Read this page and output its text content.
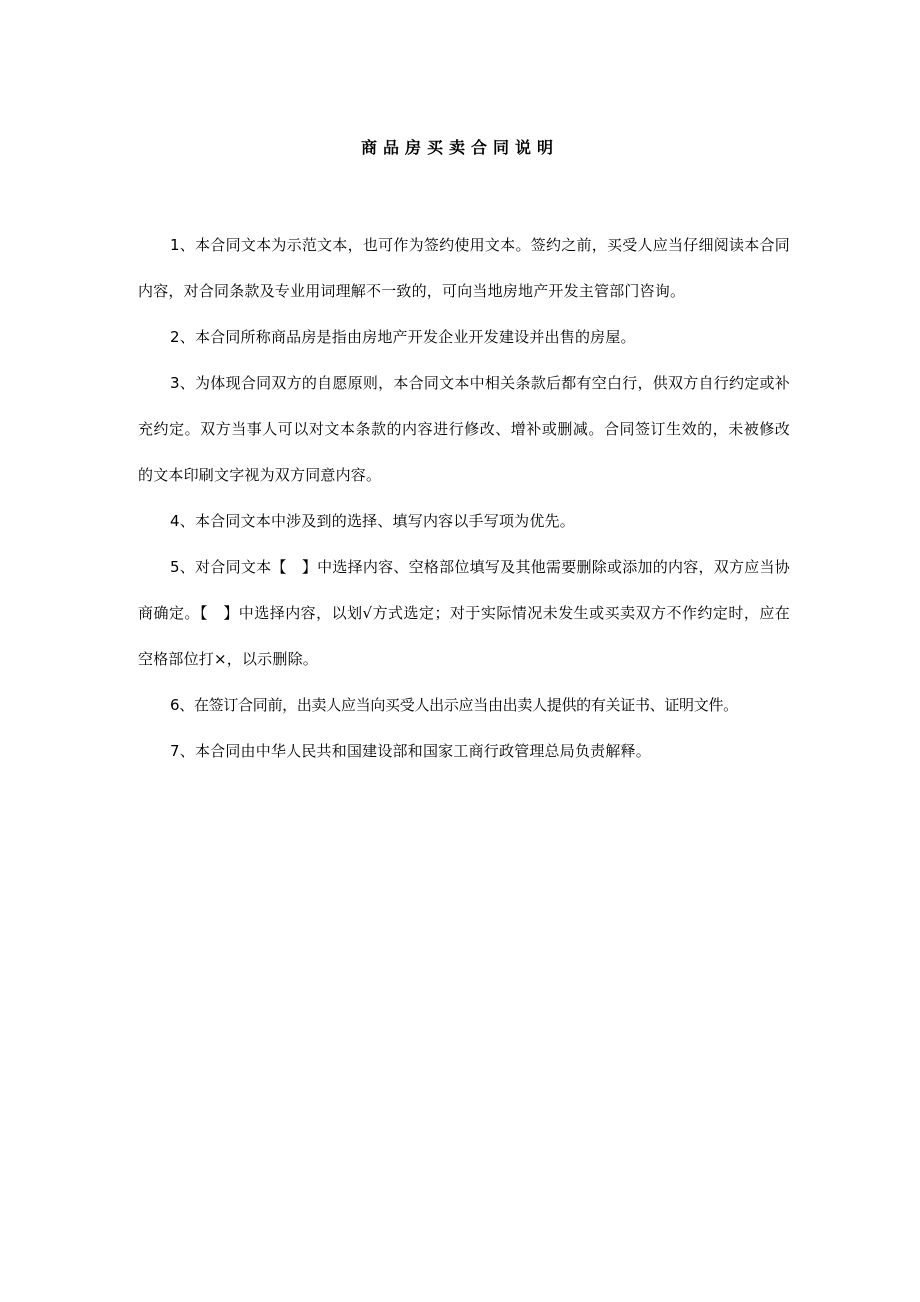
商品房买卖合同说明

1、本合同文本为示范文本，也可作为签约使用文本。签约之前，买受人应当仔细阅读本合同内容，对合同条款及专业用词理解不一致的，可向当地房地产开发主管部门咨询。

2、本合同所称商品房是指由房地产开发企业开发建设并出售的房屋。

3、为体现合同双方的自愿原则，本合同文本中相关条款后都有空白行，供双方自行约定或补充约定。双方当事人可以对文本条款的内容进行修改、增补或删减。合同签订生效的，未被修改的文本印刷文字视为双方同意内容。

4、本合同文本中涉及到的选择、填写内容以手写项为优先。

5、对合同文本【　】中选择内容、空格部位填写及其他需要删除或添加的内容，双方应当协商确定。【　】中选择内容，以划√方式选定；对于实际情况未发生或买卖双方不作约定时，应在空格部位打×，以示删除。

6、在签订合同前，出卖人应当向买受人出示应当由出卖人提供的有关证书、证明文件。

7、本合同由中华人民共和国建设部和国家工商行政管理总局负责解释。
